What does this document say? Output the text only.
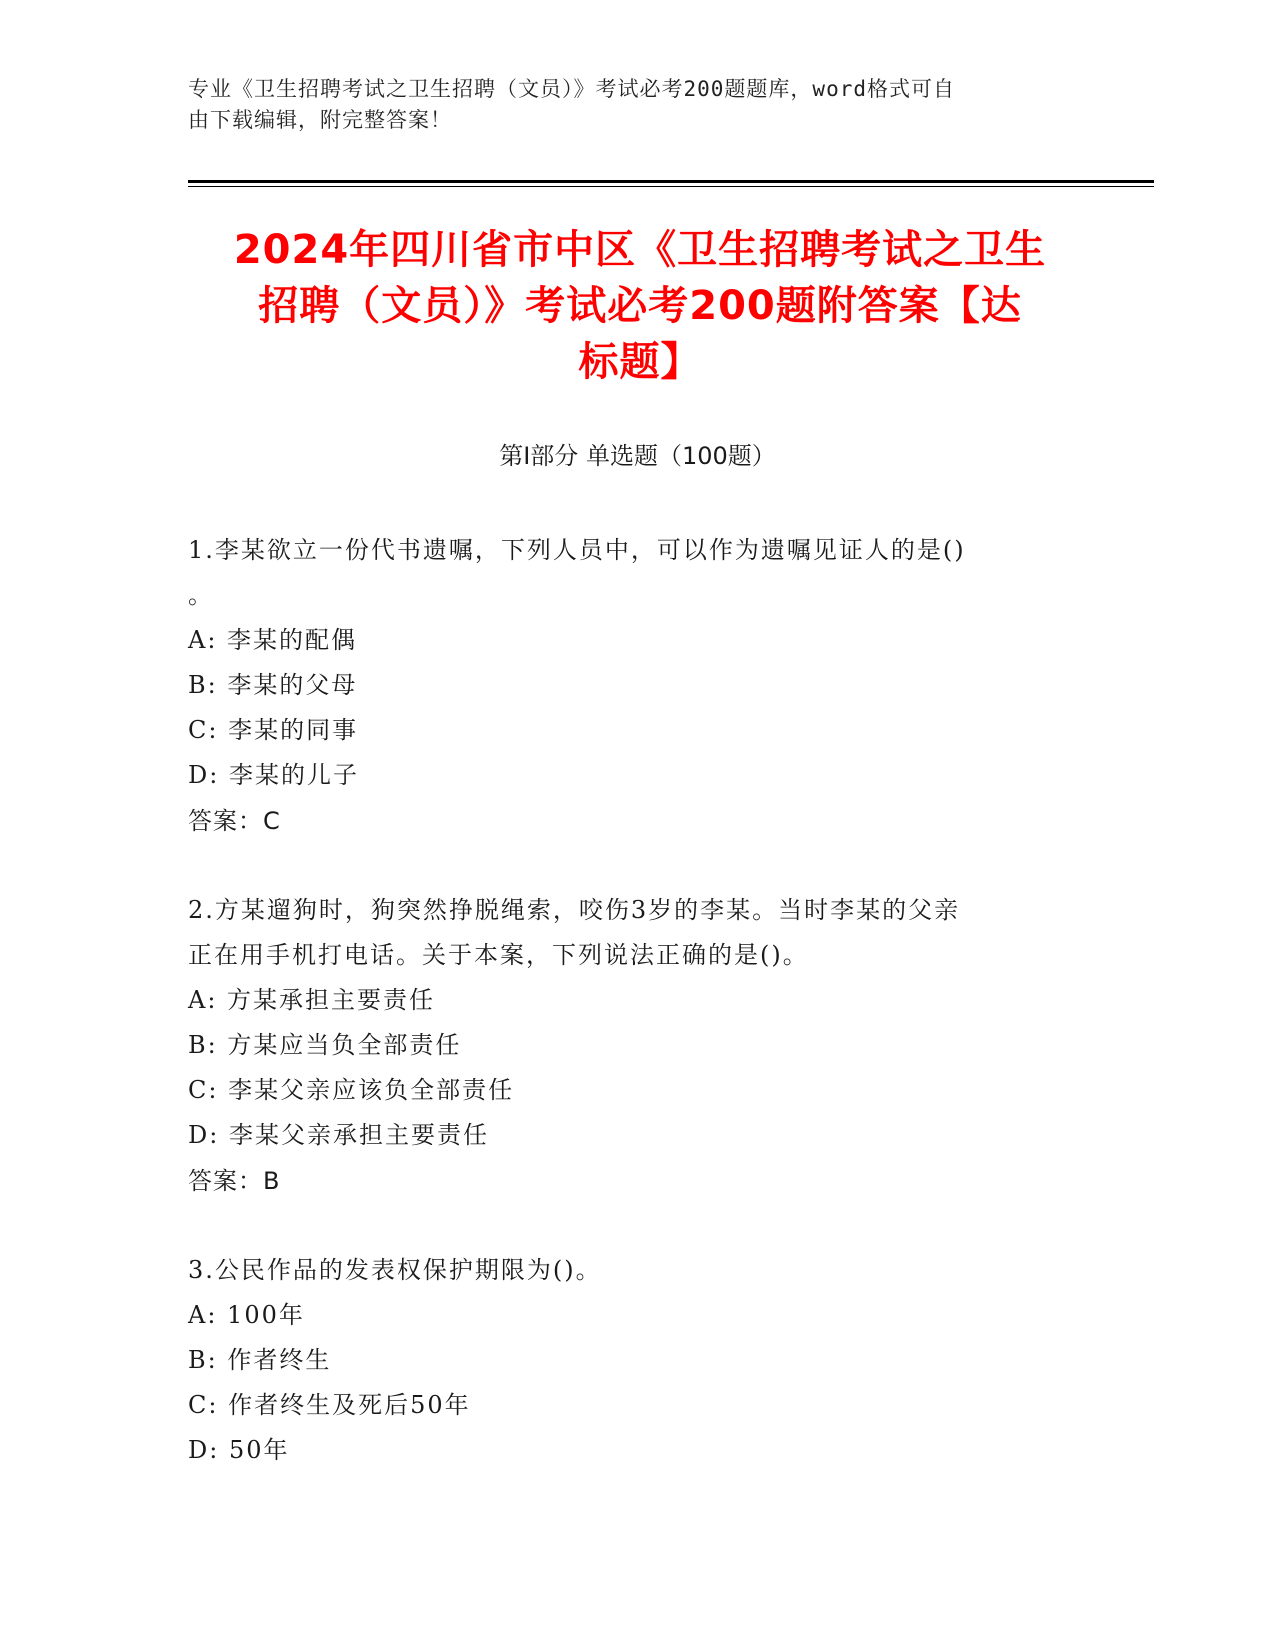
专业《卫生招聘考试之卫生招聘（文员）》考试必考200题题库，word格式可自
由下载编辑，附完整答案！
2024年四川省市中区《卫生招聘考试之卫生
招聘（文员）》考试必考200题附答案【达
标题】
第Ⅰ部分 单选题（100题）

1.李某欲立一份代书遗嘱，下列人员中，可以作为遗嘱见证人的是()

。

A: 李某的配偶

B: 李某的父母

C: 李某的同事

D: 李某的儿子

答案：C

2.方某遛狗时，狗突然挣脱绳索，咬伤3岁的李某。当时李某的父亲

正在用手机打电话。关于本案，下列说法正确的是()。

A: 方某承担主要责任

B: 方某应当负全部责任

C: 李某父亲应该负全部责任

D: 李某父亲承担主要责任

答案：B

3.公民作品的发表权保护期限为()。

A: 100年

B: 作者终生

C: 作者终生及死后50年

D: 50年
